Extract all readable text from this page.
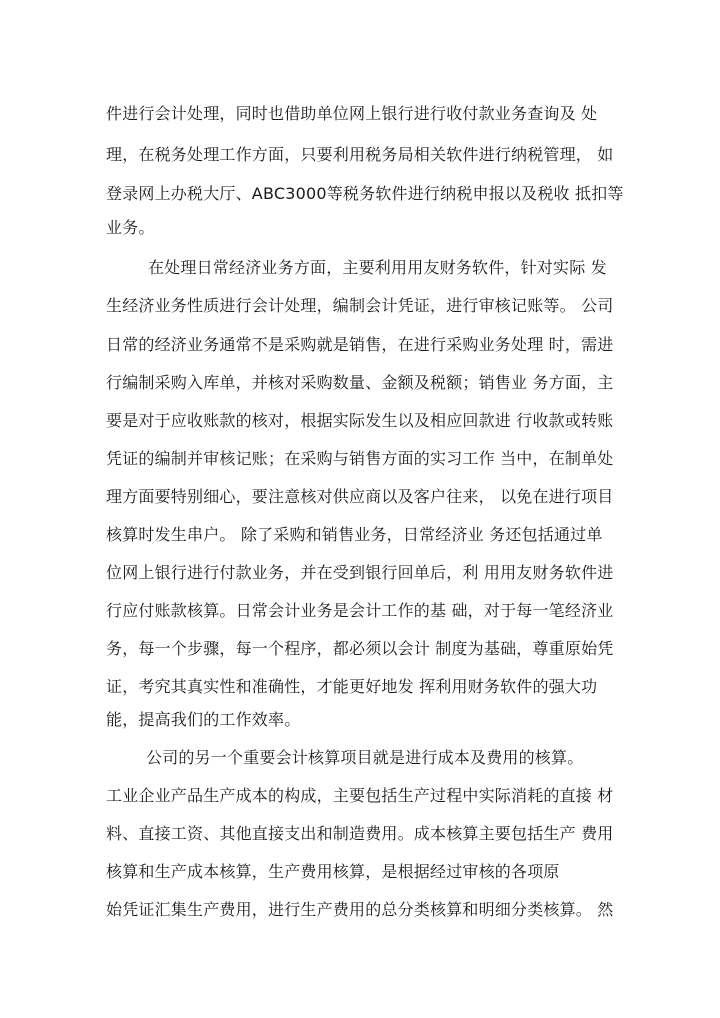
件进行会计处理，同时也借助单位网上银行进行收付款业务查询及 处

理，在税务处理工作方面，只要利用税务局相关软件进行纳税管理， 如

登录网上办税大厅、ABC3000等税务软件进行纳税申报以及税收 抵扣等

业务。

在处理日常经济业务方面，主要利用用友财务软件，针对实际 发

生经济业务性质进行会计处理，编制会计凭证，进行审核记账等。 公司

日常的经济业务通常不是采购就是销售，在进行采购业务处理 时，需进

行编制采购入库单，并核对采购数量、金额及税额；销售业 务方面，主

要是对于应收账款的核对，根据实际发生以及相应回款进 行收款或转账

凭证的编制并审核记账；在采购与销售方面的实习工作 当中，在制单处

理方面要特别细心，要注意核对供应商以及客户往来， 以免在进行项目

核算时发生串户。 除了采购和销售业务，日常经济业 务还包括通过单

位网上银行进行付款业务，并在受到银行回单后，利 用用友财务软件进

行应付账款核算。日常会计业务是会计工作的基 础，对于每一笔经济业

务，每一个步骤，每一个程序，都必须以会计 制度为基础，尊重原始凭

证，考究其真实性和准确性，才能更好地发 挥利用财务软件的强大功

能，提高我们的工作效率。

公司的另一个重要会计核算项目就是进行成本及费用的核算。

工业企业产品生产成本的构成，主要包括生产过程中实际消耗的直接 材

料、直接工资、其他直接支出和制造费用。成本核算主要包括生产 费用

核算和生产成本核算，生产费用核算，是根据经过审核的各项原

始凭证汇集生产费用，进行生产费用的总分类核算和明细分类核算。 然
